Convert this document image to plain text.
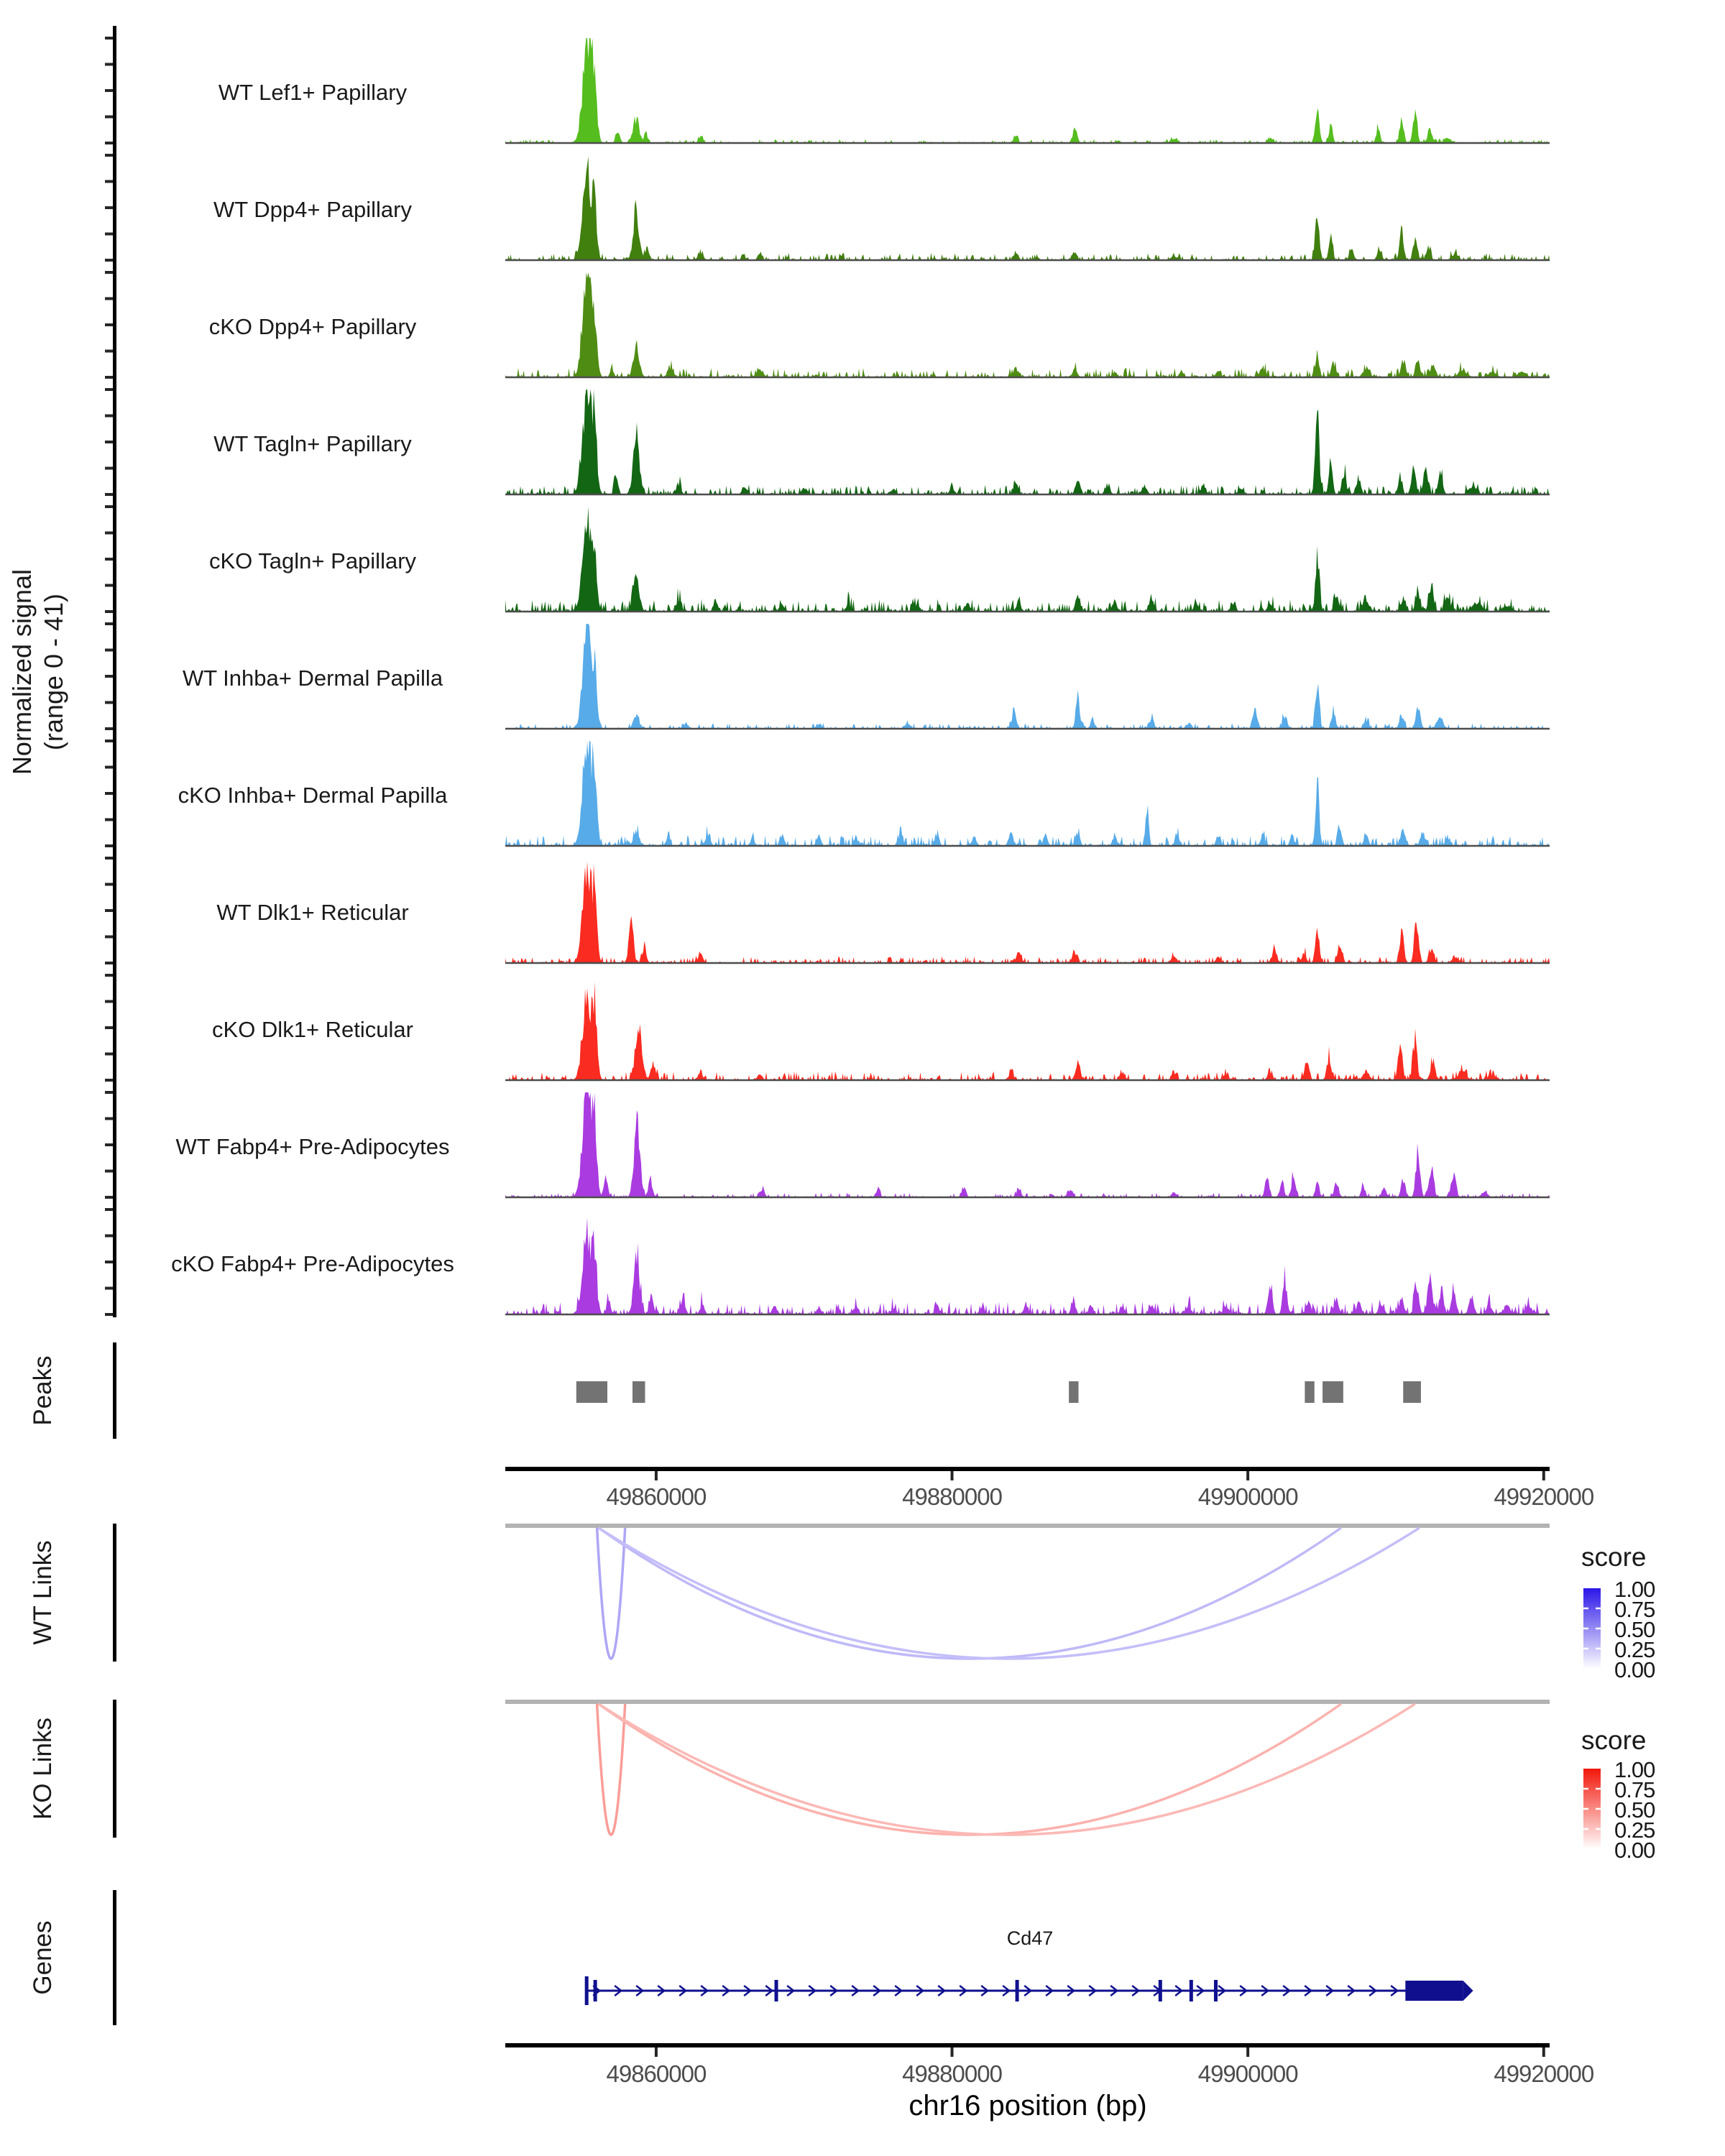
Normalized signal (range 0 - 41)
WT Lef1+ Papillary
WT Dpp4+ Papillary
cKO Dpp4+ Papillary
WT Tagln+ Papillary
cKO Tagln+ Papillary
WT Inhba+ Dermal Papilla
cKO Inhba+ Dermal Papilla
WT Dlk1+ Reticular
cKO Dlk1+ Reticular
WT Fabp4+ Pre-Adipocytes
cKO Fabp4+ Pre-Adipocytes
Peaks
WT Links
KO Links
Genes
49860000	49880000	49900000	49920000
49860000	49880000	49900000	49920000
chr16 position (bp)
score
1.00
0.75
0.50
0.25
0.00
score
1.00
0.75
0.50
0.25
0.00
Cd47
